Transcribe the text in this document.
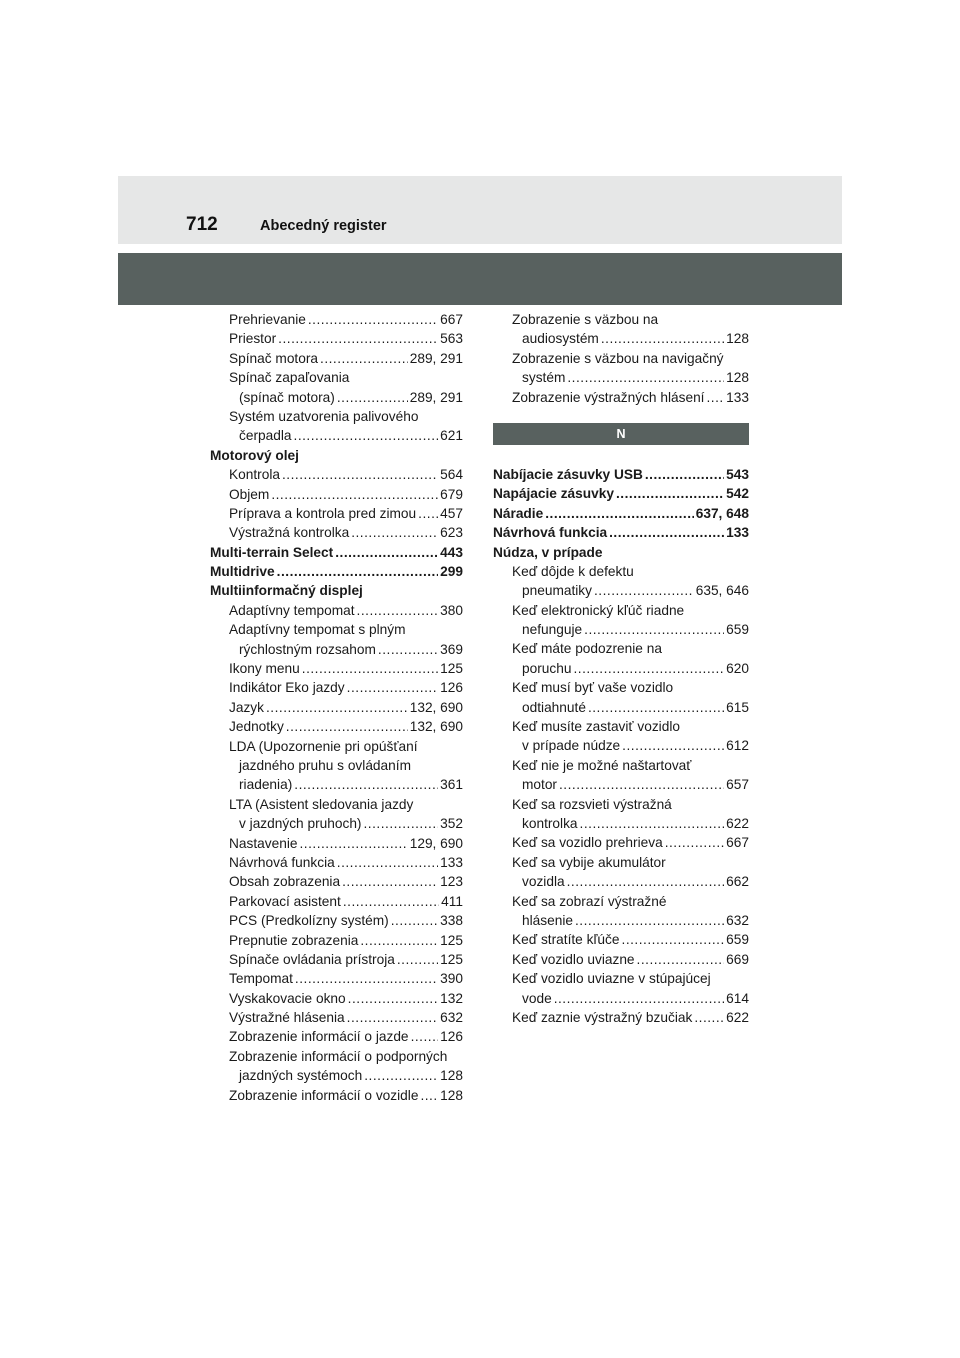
712	Abecedný register
Prehrievanie .....	667
Priestor .....	563
Spínač motora .....	289, 291
Spínač zapaľovania
(spínač motora) .....	289, 291
Systém uzatvorenia palivového
čerpadla .....	621
Motorový olej
Kontrola .....	564
Objem .....	679
Príprava a kontrola pred zimou ..... 457
Výstražná kontrolka .....	623
Multi-terrain Select .....	443
Multidrive .....	299
Multiinformačný displej
Adaptívny tempomat .....	380
Adaptívny tempomat s plným
rýchlostným rozsahom .....	369
Ikony menu .....	125
Indikátor Eko jazdy .....	126
Jazyk .....	132, 690
Jednotky .....	132, 690
LDA (Upozornenie pri opúšťaní
jazdného pruhu s ovládaním
riadenia) .....	361
LTA (Asistent sledovania jazdy
v jazdných pruhoch) .....	352
Nastavenie .....	129, 690
Návrhová funkcia .....	133
Obsah zobrazenia .....	123
Parkovací asistent .....	411
PCS (Predkolízny systém) .....	338
Prepnutie zobrazenia .....	125
Spínače ovládania prístroja .....	125
Tempomat .....	390
Vyskakovacie okno .....	132
Výstražné hlásenia .....	632
Zobrazenie informácií o jazde ..... 126
Zobrazenie informácií o podporných
jazdných systémoch .....	128
Zobrazenie informácií o vozidle ..... 128
Zobrazenie s väzbou na
audiosystém .....	128
Zobrazenie s väzbou na navigačný
systém .....	128
Zobrazenie výstražných hlásení ..... 133
N
Nabíjacie zásuvky USB .....	543
Napájacie zásuvky .....	542
Náradie .....	637, 648
Návrhová funkcia .....	133
Núdza, v prípade
Keď dôjde k defektu
pneumatiky .....	635, 646
Keď elektronický kľúč riadne
nefunguje .....	659
Keď máte podozrenie na
poruchu .....	620
Keď musí byť vaše vozidlo
odtiahnuté .....	615
Keď musíte zastaviť vozidlo
v prípade núdze .....	612
Keď nie je možné naštartovať
motor .....	657
Keď sa rozsvieti výstražná
kontrolka .....	622
Keď sa vozidlo prehrieva .....	667
Keď sa vybije akumulátor
vozidla .....	662
Keď sa zobrazí výstražné
hlásenie .....	632
Keď stratíte kľúče .....	659
Keď vozidlo uviazne .....	669
Keď vozidlo uviazne v stúpajúcej
vode .....	614
Keď zaznie výstražný bzučiak ..... 622
